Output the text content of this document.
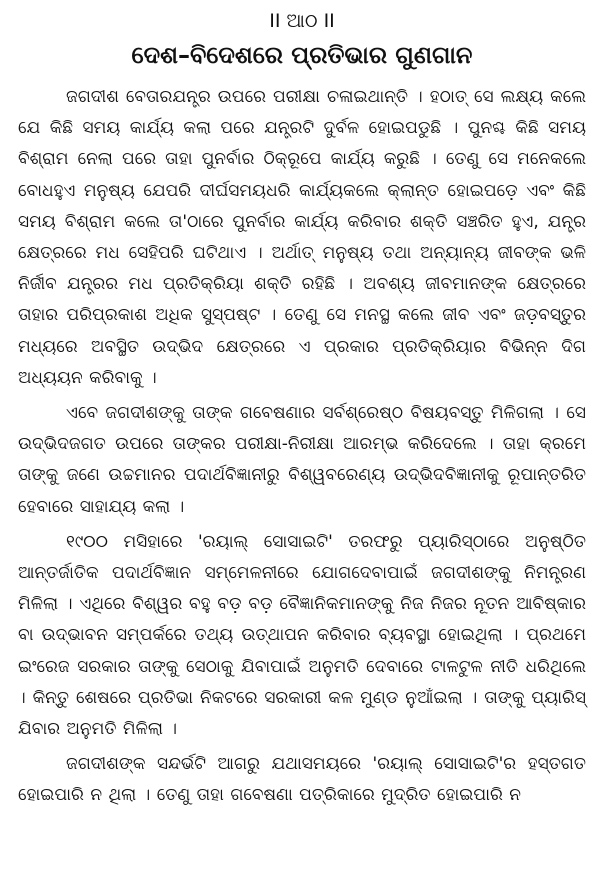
II ଆଠ II

ଦେଶ–ବିଦେଶରେ ପ୍ରତିଭାର ଗୁଣଗାନ

ଜଗଦୀଶ ବେତାରଯନ୍ତ୍ର ଉପରେ ପରୀକ୍ଷା ଚଳାଇଥାନ୍ତି । ହଠାତ୍ ସେ ଲକ୍ଷ୍ୟ କଲେ ଯେ କିଛି ସମୟ କାର୍ଯ୍ୟ କଲା ପରେ ଯନ୍ତ୍ରଟି ଦୁର୍ବଳ ହୋଇପଡୁଛି । ପୁନଶ୍ଚ କିଛି ସମୟ ବିଶ୍ରାମ ନେଲା ପରେ ତାହା ପୁନର୍ବାର ଠିକ୍‌ରୂପେ କାର୍ଯ୍ୟ କରୁଛି । ତେଣୁ ସେ ମନେକଲେ ବୋଧହୁଏ ମନୁଷ୍ୟ ଯେପରି ଦୀର୍ଘସମୟଧରି କାର୍ଯ୍ୟକଲେ କ୍ଲାନ୍ତ ହୋଇପଡ଼େ ଏବଂ କିଛି ସମୟ ବିଶ୍ରାମ କଲେ ତା'ଠାରେ ପୁନର୍ବାର କାର୍ଯ୍ୟ କରିବାର ଶକ୍ତି ସଞ୍ଚରିତ ହୁଏ, ଯନ୍ତ୍ର କ୍ଷେତ୍ରରେ ମଧ ସେହିପରି ଘଟିଥାଏ । ଅର୍ଥାତ୍ ମନୁଷ୍ୟ ତଥା ଅନ୍ୟାନ୍ୟ ଜୀବଙ୍କ ଭଳି ନିର୍ଜୀବ ଯନ୍ତ୍ରର ମଧ ପ୍ରତିକ୍ରିୟା ଶକ୍ତି ରହିଛି । ଅବଶ୍ୟ ଜୀବମାନଙ୍କ କ୍ଷେତ୍ରରେ ତାହାର ପରିପ୍ରକାଶ ଅଧିକ ସୁସ୍ପଷ୍ଟ । ତେଣୁ ସେ ମନସ୍ଥ କଲେ ଜୀବ ଏବଂ ଜଡ଼ବସ୍ତୁର ମଧ୍ୟରେ ଅବସ୍ଥିତ ଉଦ୍ଭିଦ କ୍ଷେତ୍ରରେ ଏ ପ୍ରକାର ପ୍ରତିକ୍ରିୟାର ବିଭିନ୍ନ ଦିଗ ଅଧ୍ୟୟନ କରିବାକୁ ।

ଏବେ ଜଗଦୀଶଙ୍କୁ ତାଙ୍କ ଗବେଷଣାର ସର୍ବଶ୍ରେଷ୍ଠ ବିଷୟବସ୍ତୁ ମିଳିଗଲା । ସେ ଉଦ୍ଭିଦଜଗତ ଉପରେ ତାଙ୍କର ପରୀକ୍ଷା-ନିରୀକ୍ଷା ଆରମ୍ଭ କରିଦେଲେ । ତାହା କ୍ରମେ ତାଙ୍କୁ ଜଣେ ଉଚ୍ଚମାନର ପଦାର୍ଥବିଜ୍ଞାନୀରୁ ବିଶ୍ୱବରେଣ୍ୟ ଉଦ୍ଭିଦବିଜ୍ଞାନୀକୁ ରୂପାନ୍ତରିତ ହେବାରେ ସାହାଯ୍ୟ କଲା ।

୧୯୦୦ ମସିହାରେ 'ରୟାଲ୍ ସୋସାଇଟି' ତରଫରୁ ପ୍ୟାରିସ୍‌ଠାରେ ଅନୁଷ୍ଠିତ ଆନ୍ତର୍ଜାତିକ ପଦାର୍ଥବିଜ୍ଞାନ ସମ୍ମେଳନୀରେ ଯୋଗଦେବାପାଇଁ ଜଗଦୀଶଙ୍କୁ ନିମନ୍ତ୍ରଣ ମିଳିଲା । ଏଥିରେ ବିଶ୍ୱର ବହୁ ବଡ଼ ବଡ଼ ବୈଜ୍ଞାନିକମାନଙ୍କୁ ନିଜ ନିଜର ନୂତନ ଆବିଷ୍କାର ବା ଉଦ୍ଭାବନ ସମ୍ପର୍କରେ ତଥ୍ୟ ଉତ୍‌ଥାପନ କରିବାର ବ୍ୟବସ୍ଥା ହୋଇଥିଲା । ପ୍ରଥମେ ଇଂରେଜ ସରକାର ତାଙ୍କୁ ସେଠାକୁ ଯିବାପାଇଁ ଅନୁମତି ଦେବାରେ ଟାଳଟୁଳ ନୀତି ଧରିଥିଲେ । କିନ୍ତୁ ଶେଷରେ ପ୍ରତିଭା ନିକଟରେ ସରକାରୀ କଳ ମୁଣ୍ଡ ନୁଆଁଇଲା । ତାଙ୍କୁ ପ୍ୟାରିସ୍ ଯିବାର ଅନୁମତି ମିଳିଲା ।

ଜଗଦୀଶଙ୍କ ସନ୍ଦର୍ଭଟି ଆଗରୁ ଯଥାସମୟରେ 'ରୟାଲ୍ ସୋସାଇଟି'ର ହସ୍ତଗତ ହୋଇପାରି ନ ଥିଲା । ତେଣୁ ତାହା ଗବେଷଣା ପତ୍ରିକାରେ ମୁଦ୍ରିତ ହୋଇପାରି ନ
